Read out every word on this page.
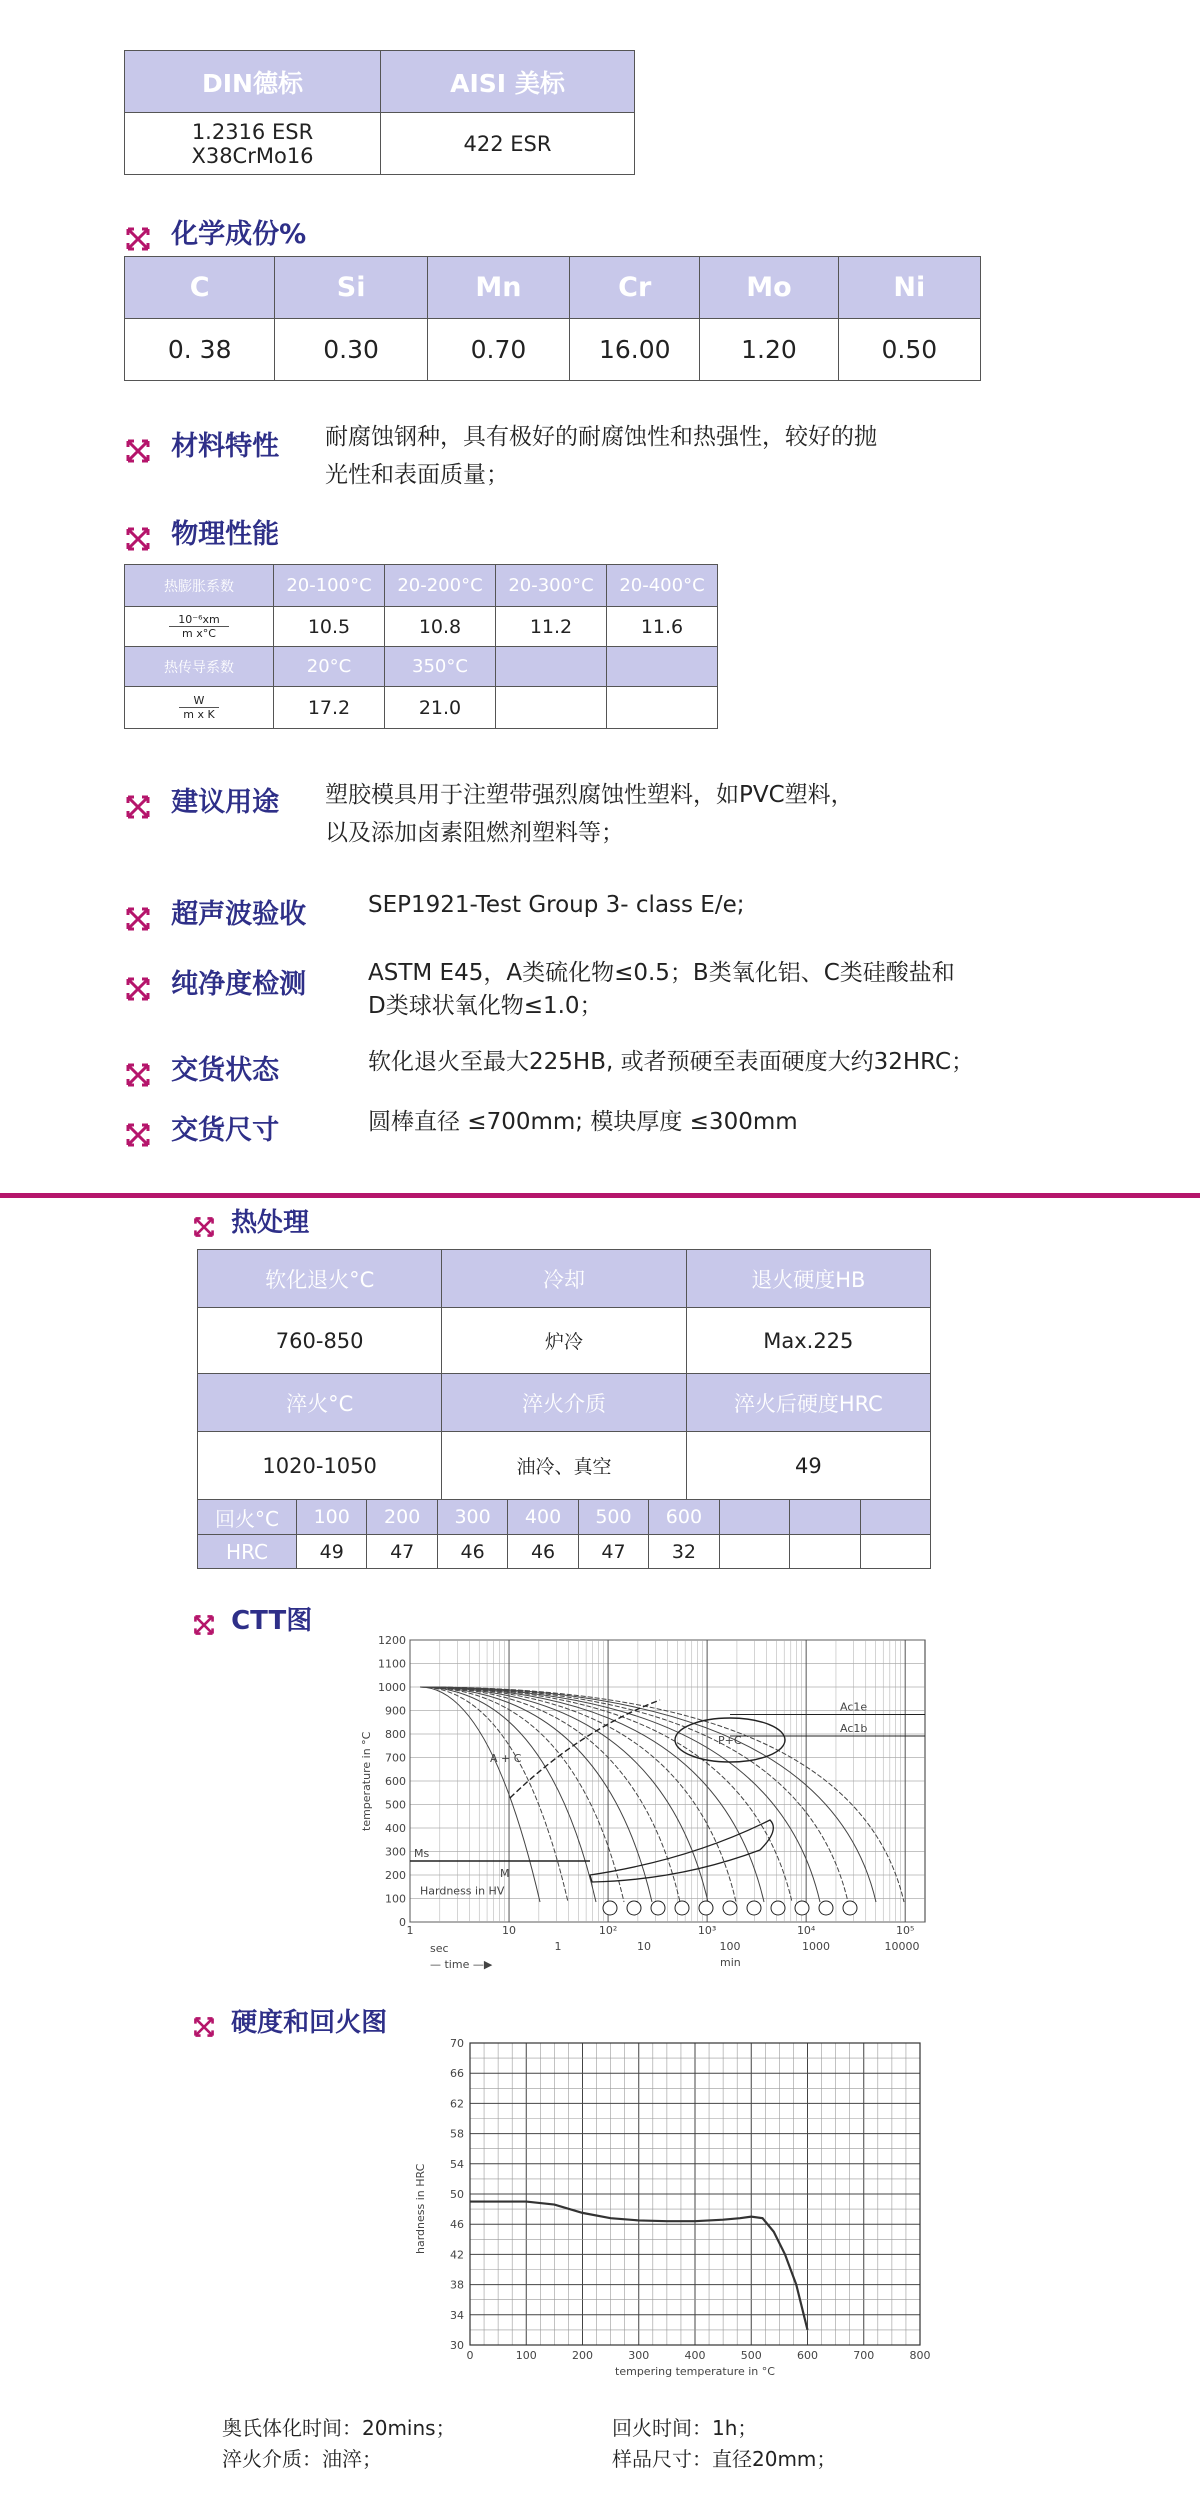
DIN德标	AISI 美标

1.2316 ESR
X38CrMo16	422 ESR
化学成份%
C	Si	Mn	Cr	Mo	Ni
0. 38	0.30	0.70	16.00	1.20	0.50
材料特性 耐腐蚀钢种，具有极好的耐腐蚀性和热强性，较好的抛
光性和表面质量；
物理性能
热膨胀系数	20-100°C	20-200°C	20-300°C	20-400°C

10⁻⁶xm
m x°C	10.5	10.8	11.2	11.6
热传导系数	20°C	350°C		

W
m x K	17.2	21.0		
建议用途 塑胶模具用于注塑带强烈腐蚀性塑料，如PVC塑料，
以及添加卤素阻燃剂塑料等；
超声波验收	SEP1921-Test Group 3- class E/e;
纯净度检测	ASTM E45，A类硫化物≤0.5；B类氧化铝、C类硅酸盐和
D类球状氧化物≤1.0；
交货状态	软化退火至最大225HB, 或者预硬至表面硬度大约32HRC；
交货尺寸	圆棒直径 ≤700mm; 模块厚度 ≤300mm
热处理
软化退火°C	冷却	退火硬度HB
760-850	炉冷	Max.225
淬火°C	淬火介质	淬火后硬度HRC
1020-1050	油冷、真空	49
回火°C	100	200	300	400	500	600			
HRC	49	47	46	46	47	32			
CTT图
1200
1100
1000
900
800
700
600
500
400
300
200
100
0
Ac1e
Ac1b
P+C
A + C
Ms
M
Hardness in HV
temperature in °C
1	10	10²	10³	10⁴	10⁵
1	10	100	1000	10000
sec
min
— time —▶
硬度和回火图
70
66
62
58
54
50
46
42
38
34
30
0	100	200	300	400	500	600	700	800
hardness in HRC
tempering temperature in °C
奥氏体化时间：20mins；
淬火介质：油淬；
回火时间：1h；
样品尺寸：直径20mm；
